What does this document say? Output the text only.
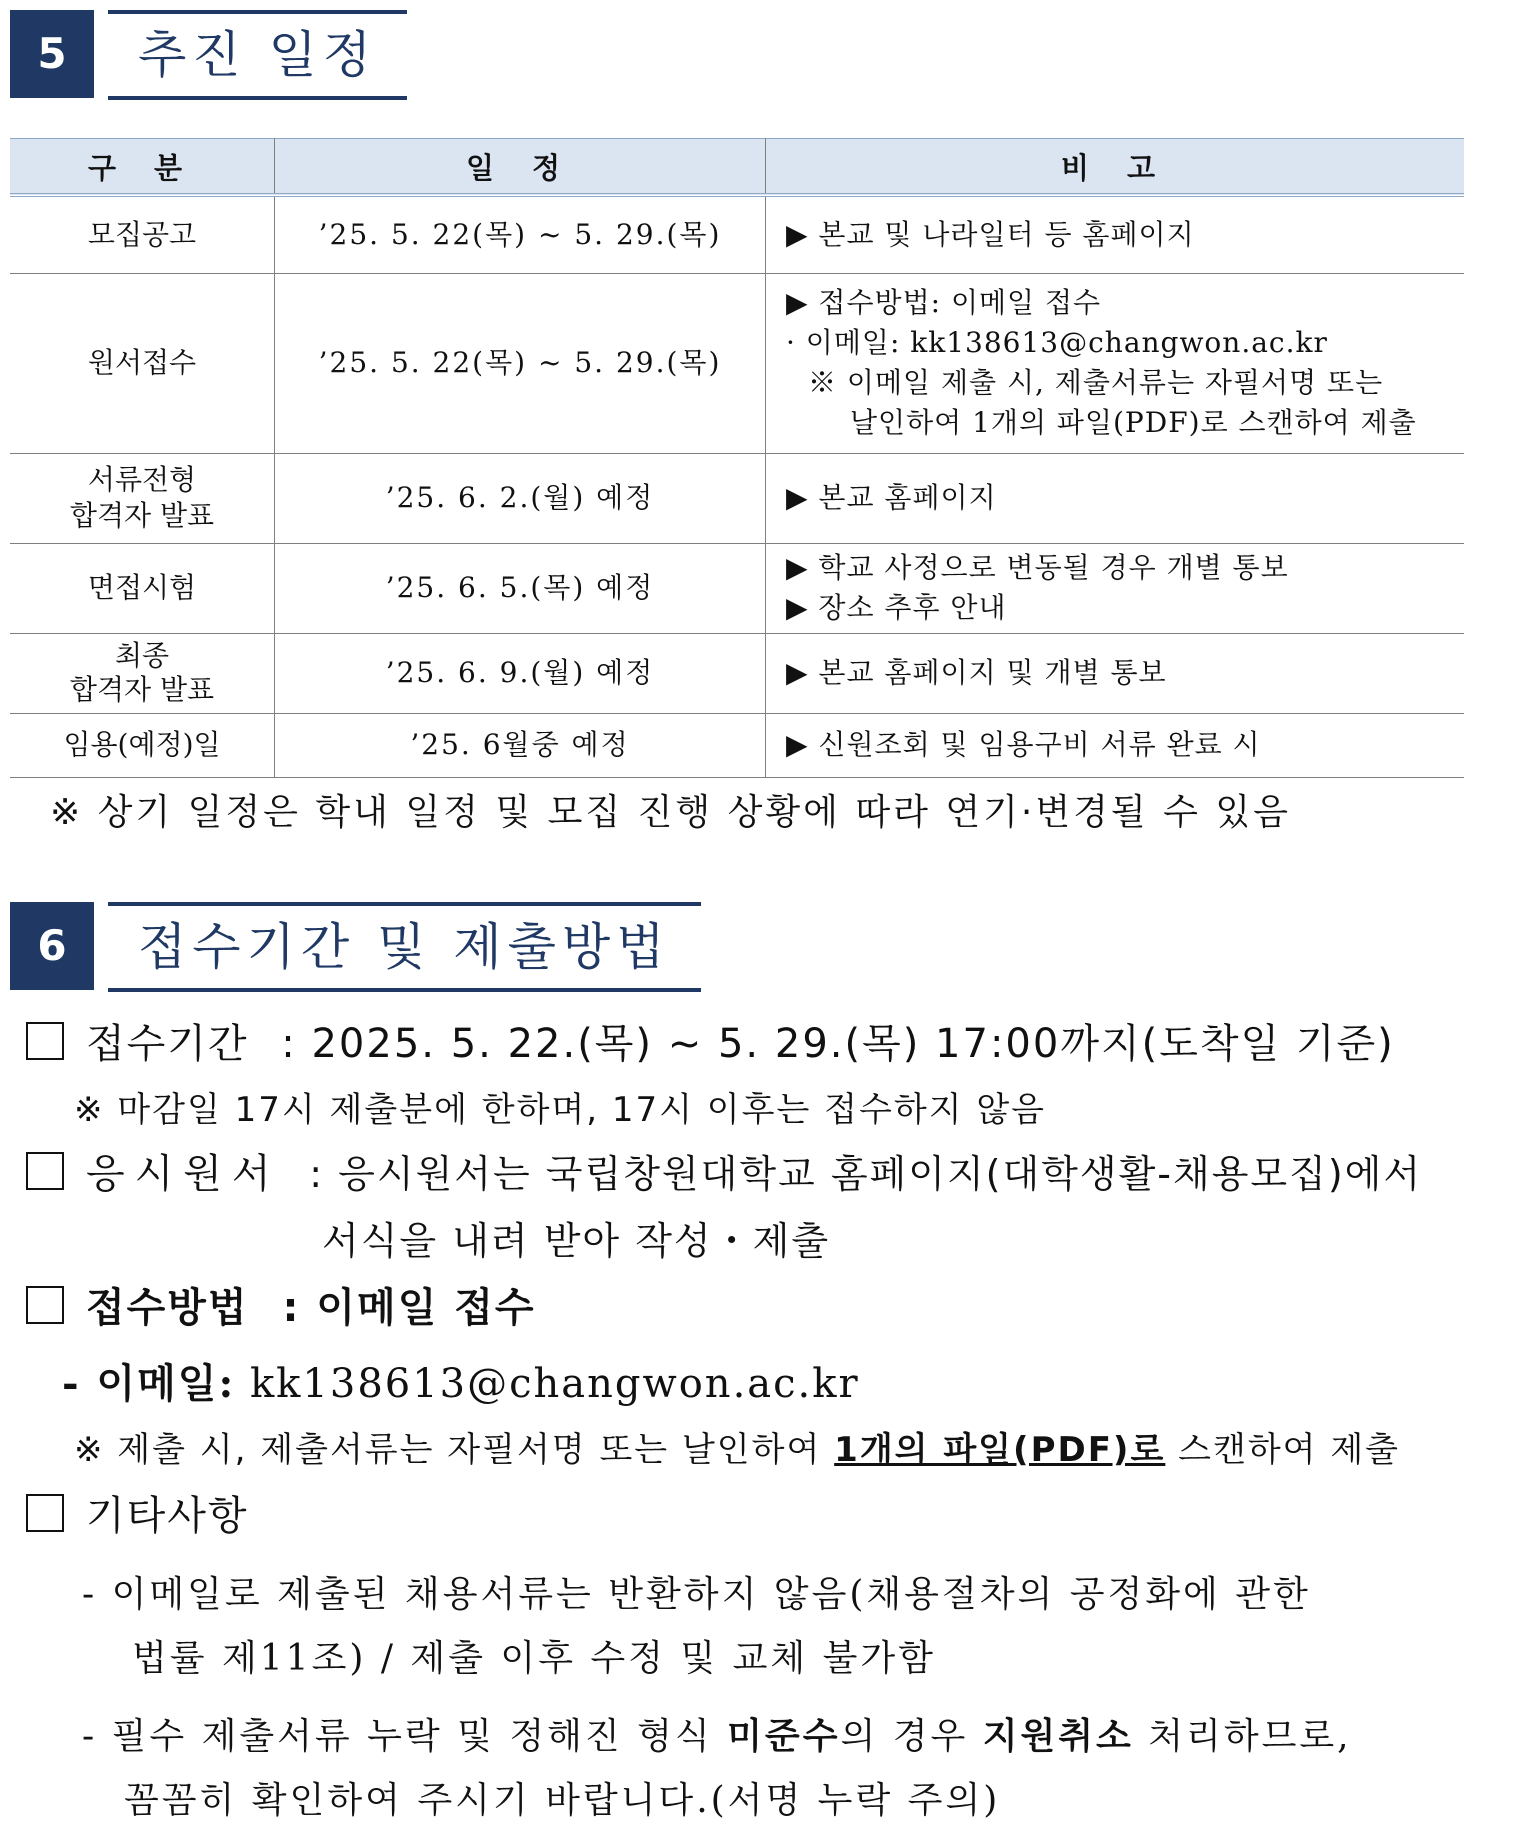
5	추진 일정
구 분	일 정	비 고

모집공고	’25. 5. 22(목) ~ 5. 29.(목)	▶ 본교 및 나라일터 등 홈페이지

원서접수	’25. 5. 22(목) ~ 5. 29.(목)	▶ 접수방법: 이메일 접수
· 이메일: kk138613@changwon.ac.kr
※ 이메일 제출 시, 제출서류는 자필서명 또는
날인하여 1개의 파일(PDF)로 스캔하여 제출

서류전형
합격자 발표	’25. 6. 2.(월) 예정	▶ 본교 홈페이지

면접시험	’25. 6. 5.(목) 예정	▶ 학교 사정으로 변동될 경우 개별 통보
▶ 장소 추후 안내

최종
합격자 발표	’25. 6. 9.(월) 예정	▶ 본교 홈페이지 및 개별 통보

임용(예정)일	’25. 6월중 예정	▶ 신원조회 및 임용구비 서류 완료 시
※ 상기 일정은 학내 일정 및 모집 진행 상황에 따라 연기·변경될 수 있음
6	접수기간 및 제출방법
접수기간 : 2025. 5. 22.(목) ~ 5. 29.(목) 17:00까지(도착일 기준)
※ 마감일 17시 제출분에 한하며, 17시 이후는 접수하지 않음
응시원서 : 응시원서는 국립창원대학교 홈페이지(대학생활-채용모집)에서
서식을 내려 받아 작성・제출
접수방법 : 이메일 접수
- 이메일: kk138613@changwon.ac.kr
※ 제출 시, 제출서류는 자필서명 또는 날인하여 1개의 파일(PDF)로 스캔하여 제출
기타사항
- 이메일로 제출된 채용서류는 반환하지 않음(채용절차의 공정화에 관한
법률 제11조) / 제출 이후 수정 및 교체 불가함
- 필수 제출서류 누락 및 정해진 형식 미준수의 경우 지원취소 처리하므로,
꼼꼼히 확인하여 주시기 바랍니다.(서명 누락 주의)
